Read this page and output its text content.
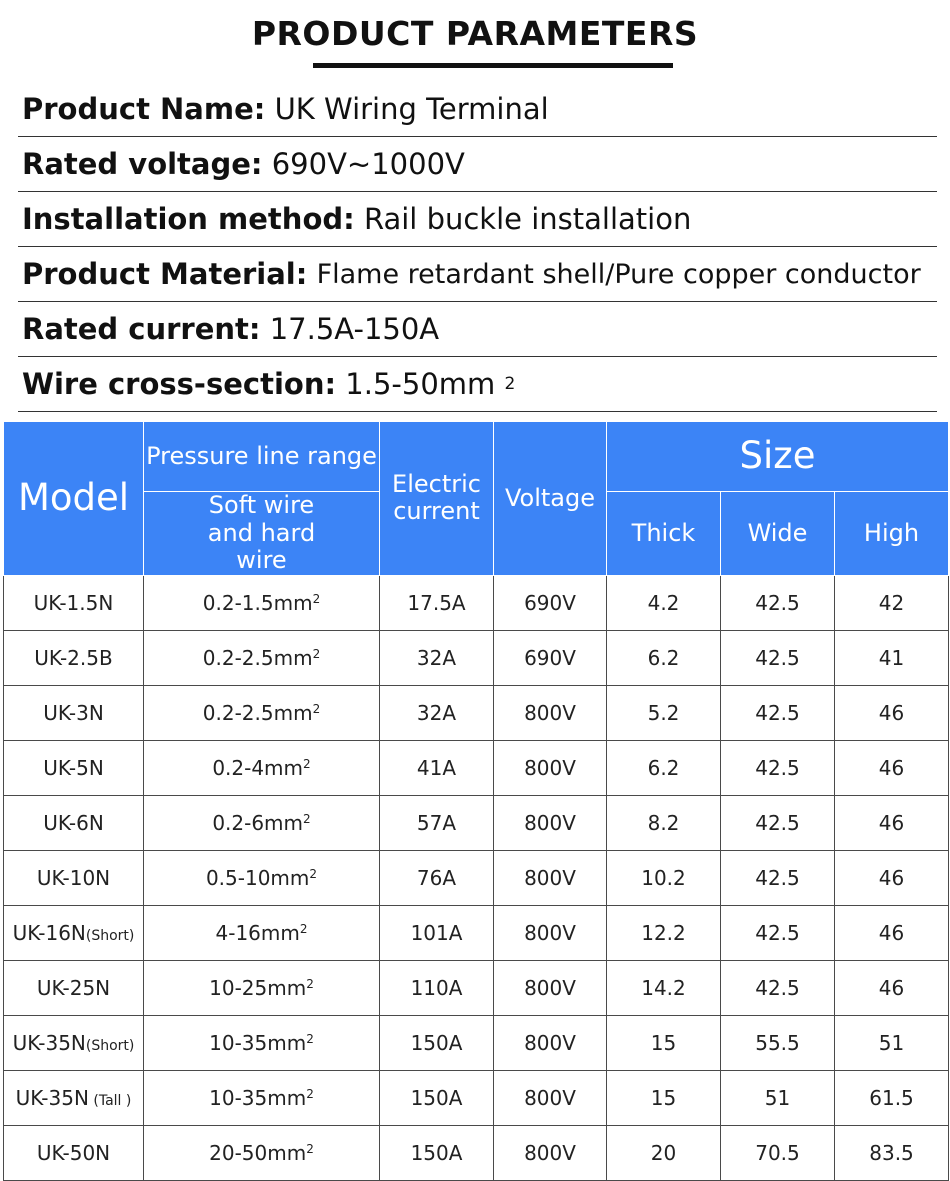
PRODUCT PARAMETERS
Product Name:
UK Wiring Terminal
Rated voltage:
690V~1000V
Installation method:
Rail buckle installation
Product Material:
Flame retardant shell/Pure copper conductor
Rated current:
17.5A-150A
Wire cross-section:
1.5-50mm
2
Model	Pressure line range	Electric current	Voltage	Size		
	Soft wire and hard wire			Thick	Wide	High
UK-1.5N	$0.2-1.5mm^2$	17.5A	690V	4.2	42.5	42
UK-2.5B	$0.2-2.5mm^2$	32A	690V	6.2	42.5	41
UK-3N	$0.2-2.5mm^2$	32A	800V	5.2	42.5	46
UK-5N	$0.2-4mm^2$	41A	800V	6.2	42.5	46
UK-6N	$0.2-6mm^2$	57A	800V	8.2	42.5	46
UK-10N	$0.5-10mm^2$	76A	800V	10.2	42.5	46
UK-16N(Short)	$4-16mm^2$	101A	800V	12.2	42.5	46
UK-25N	$10-25mm^2$	110A	800V	14.2	42.5	46
UK-35N(Short)	$10-35mm^2$	150A	800V	15	55.5	51
UK-35N (Tall )	$10-35mm^2$	150A	800V	15	51	61.5
UK-50N	$20-50mm^2$	150A	800V	20	70.5	83.5
